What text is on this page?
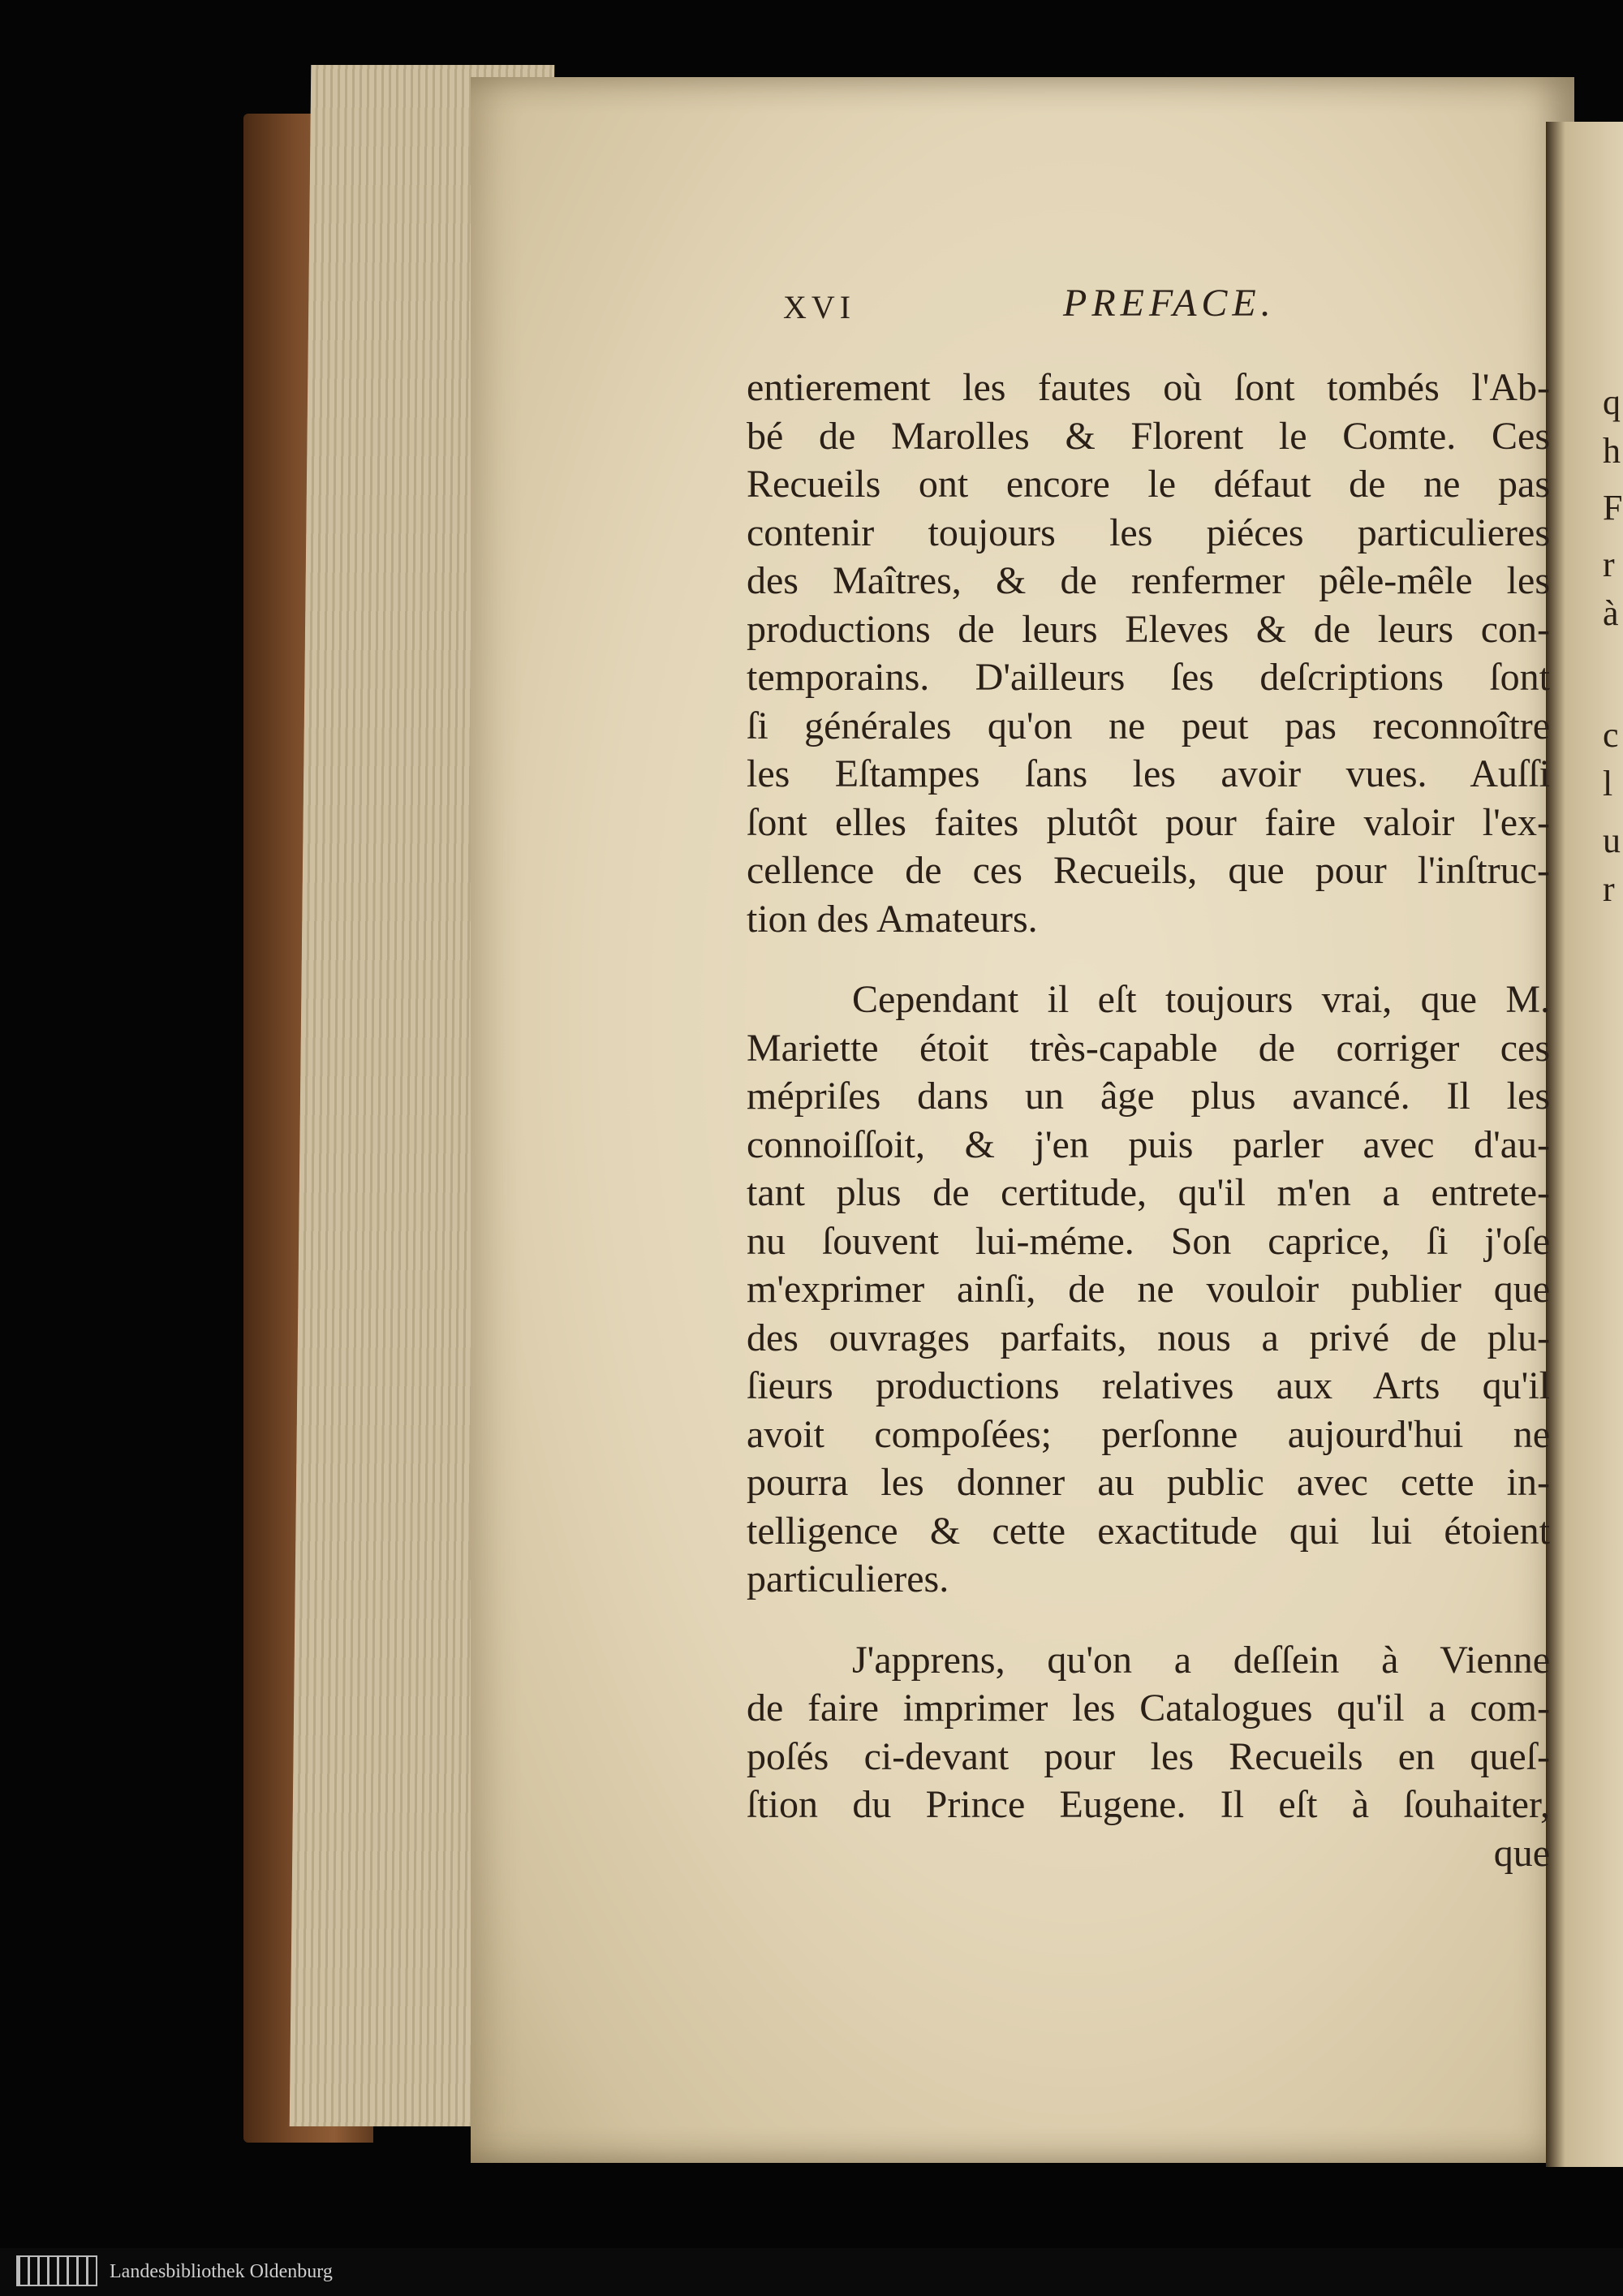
q
h
F
r
à
c
l
u
r
XVI	PREFACE.

entierement les fautes où ſont tombés l'Ab-
bé de Marolles & Florent le Comte. Ces
Recueils ont encore le défaut de ne pas
contenir toujours les piéces particulieres
des Maîtres, & de renfermer pêle-mêle les
productions de leurs Eleves & de leurs con-
temporains. D'ailleurs ſes deſcriptions ſont
ſi générales qu'on ne peut pas reconnoître
les Eſtampes ſans les avoir vues. Auſſi
ſont elles faites plutôt pour faire valoir l'ex-
cellence de ces Recueils, que pour l'inſtruc-
tion des Amateurs.

Cependant il eſt toujours vrai, que M.
Mariette étoit très-capable de corriger ces
mépriſes dans un âge plus avancé. Il les
connoiſſoit, & j'en puis parler avec d'au-
tant plus de certitude, qu'il m'en a entrete-
nu ſouvent lui-méme. Son caprice, ſi j'oſe
m'exprimer ainſi, de ne vouloir publier que
des ouvrages parfaits, nous a privé de plu-
ſieurs productions relatives aux Arts qu'il
avoit compoſées; perſonne aujourd'hui ne
pourra les donner au public avec cette in-
telligence & cette exactitude qui lui étoient
particulieres.

J'apprens, qu'on a deſſein à Vienne
de faire imprimer les Catalogues qu'il a com-
poſés ci-devant pour les Recueils en queſ-
ſtion du Prince Eugene. Il eſt à ſouhaiter,
que

Landesbibliothek Oldenburg
